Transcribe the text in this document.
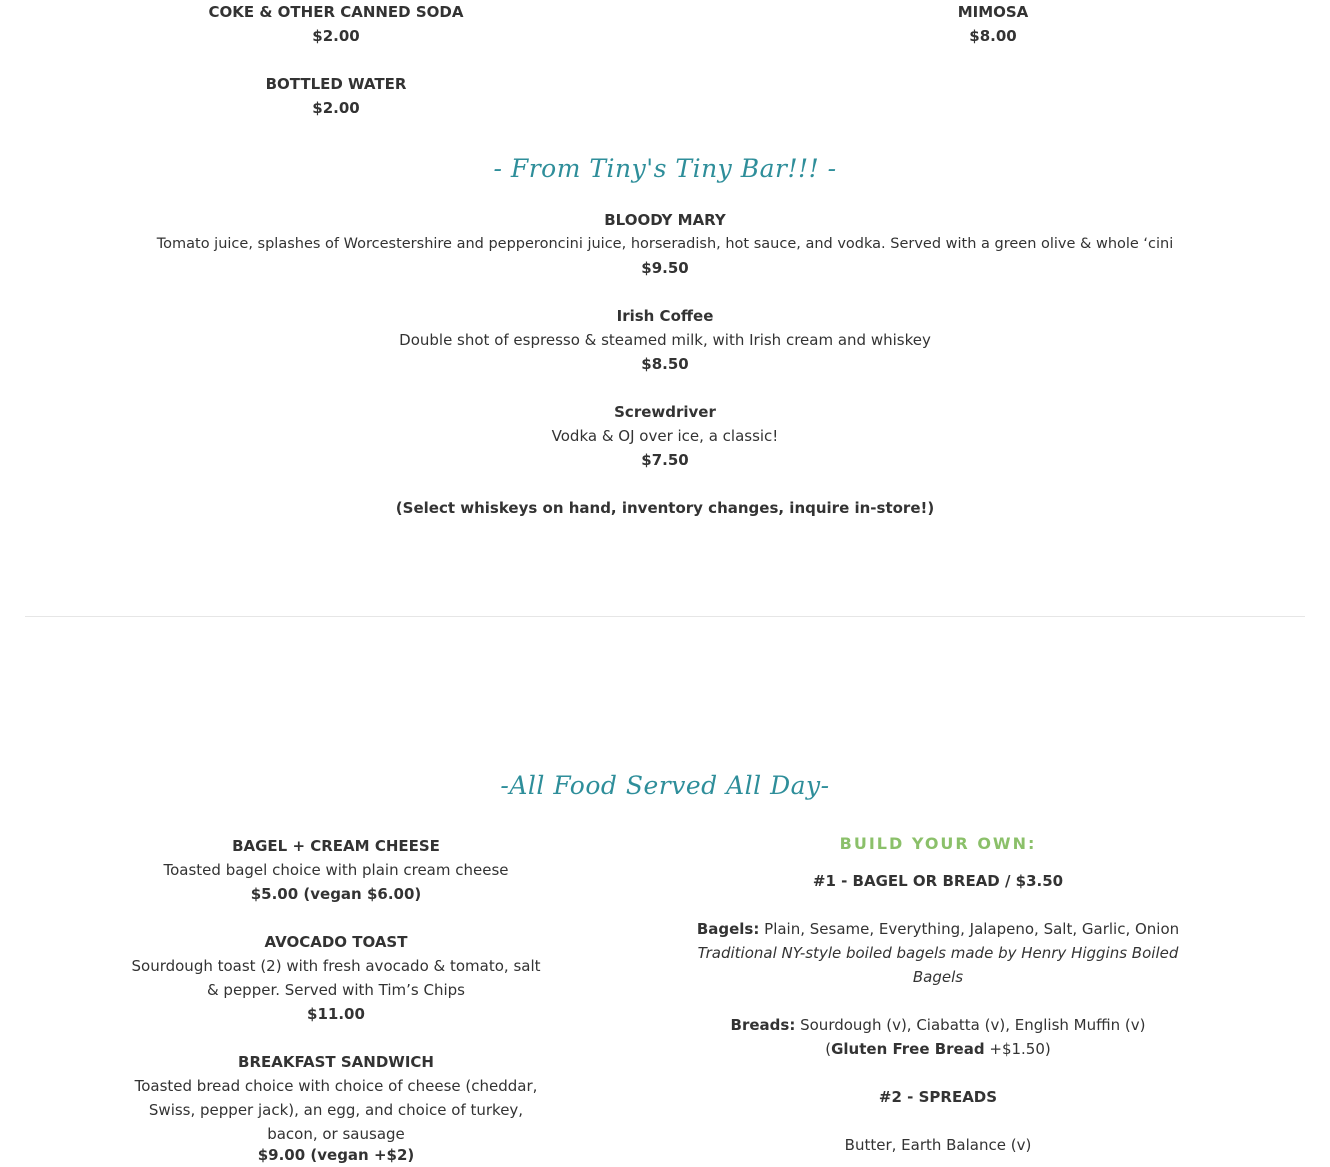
COKE & OTHER CANNED SODA
$2.00
BOTTLED WATER
$2.00
MIMOSA
$8.00
- From Tiny's Tiny Bar!!! -
BLOODY MARY
Tomato juice, splashes of Worcestershire and pepperoncini juice, horseradish, hot sauce, and vodka. Served with a green olive & whole ‘cini
$9.50
Irish Coffee
Double shot of espresso & steamed milk, with Irish cream and whiskey
$8.50
Screwdriver
Vodka & OJ over ice, a classic!
$7.50
(Select whiskeys on hand, inventory changes, inquire in-store!)
-All Food Served All Day-
BAGEL + CREAM CHEESE
Toasted bagel choice with plain cream cheese
$5.00 (vegan $6.00)
AVOCADO TOAST
Sourdough toast (2) with fresh avocado & tomato, salt
& pepper. Served with Tim’s Chips
$11.00
BREAKFAST SANDWICH
Toasted bread choice with choice of cheese (cheddar,
Swiss, pepper jack), an egg, and choice of turkey,
bacon, or sausage
$9.00 (vegan +$2)
BUILD YOUR OWN:
#1 - BAGEL OR BREAD / $3.50
Bagels: Plain, Sesame, Everything, Jalapeno, Salt, Garlic, Onion
Traditional NY-style boiled bagels made by Henry Higgins Boiled
Bagels
Breads: Sourdough (v), Ciabatta (v), English Muffin (v)
(Gluten Free Bread +$1.50)
#2 - SPREADS
Butter, Earth Balance (v)
